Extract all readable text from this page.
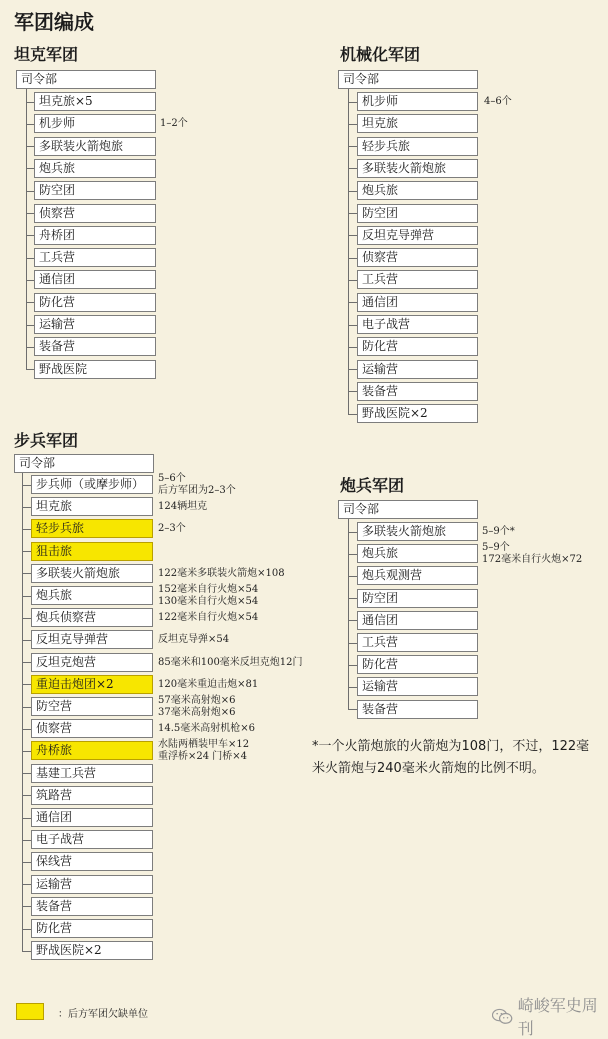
军团编成
坦克军团	机械化军团
步兵军团
炮兵军团
司令部
坦克旅×5
机步师	1–2个
多联装火箭炮旅
炮兵旅
防空团
侦察营
舟桥团
工兵营
通信团
防化营
运输营
装备营
野战医院
司令部
机步师	4–6个
坦克旅
轻步兵旅
多联装火箭炮旅
炮兵旅
防空团
反坦克导弹营
侦察营
工兵营
通信团
电子战营
防化营
运输营
装备营
野战医院×2
司令部
步兵师（或摩步师）	5–6个
后方军团为2–3个
坦克旅	124辆坦克
轻步兵旅	2–3个
狙击旅
多联装火箭炮旅	122毫米多联装火箭炮×108
炮兵旅	152毫米自行火炮×54
130毫米自行火炮×54
炮兵侦察营	122毫米自行火炮×54
反坦克导弹营	反坦克导弹×54
反坦克炮营	85毫米和100毫米反坦克炮12门
重迫击炮团×2	120毫米重迫击炮×81
防空营	57毫米高射炮×6
37毫米高射炮×6
侦察营	14.5毫米高射机枪×6
舟桥旅	水陆两栖装甲车×12
重浮桥×24 门桥×4
基建工兵营
筑路营
通信团
电子战营
保线营
运输营
装备营
防化营
野战医院×2
司令部
多联装火箭炮旅	5–9个*
炮兵旅	5–9个
172毫米自行火炮×72
炮兵观测营
防空团
通信团
工兵营
防化营
运输营
装备营
*一个火箭炮旅的火箭炮为108门，不过，122毫米火箭炮与240毫米火箭炮的比例不明。
：后方军团欠缺单位	崎峻军史周刊
